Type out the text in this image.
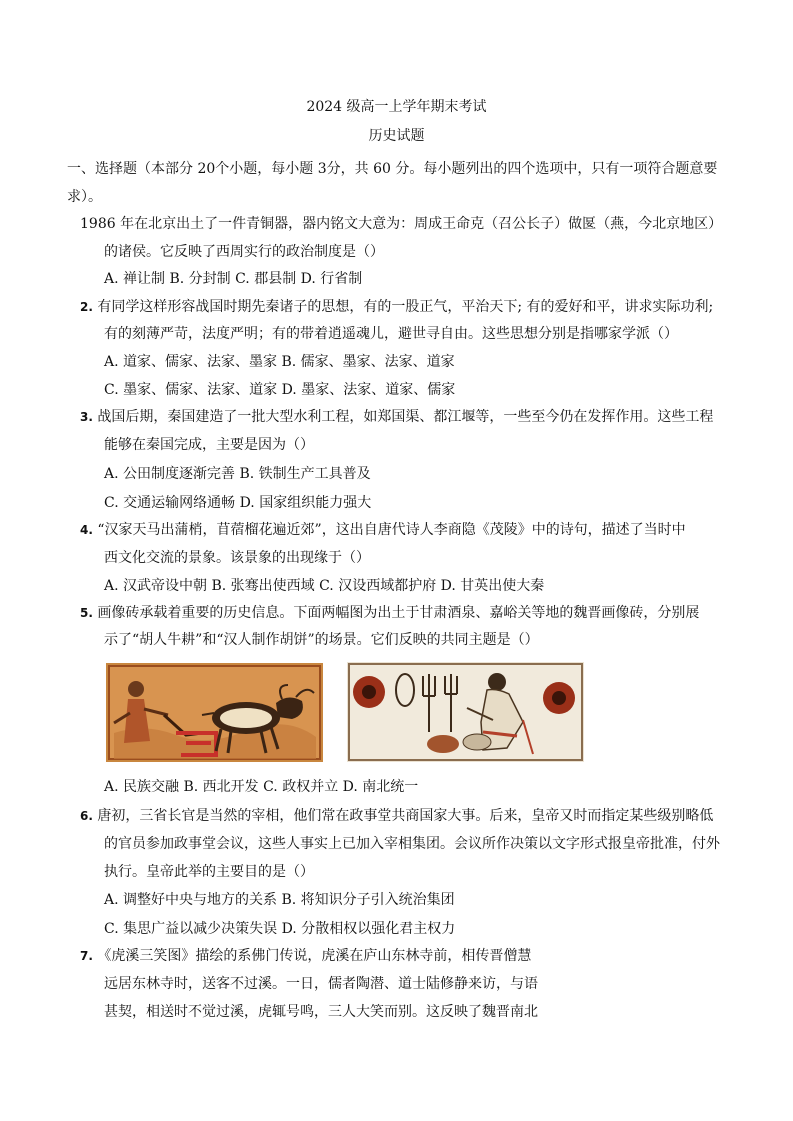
2024 级高一上学年期末考试
历史试题
一、选择题（本部分 20个小题，每小题 3分，共 60 分。每小题列出的四个选项中，只有一项符合题意要
求）。
1986 年在北京出土了一件青铜器，器内铭文大意为：周成王命克（召公长子）做匽（燕，今北京地区）
的诸侯。它反映了西周实行的政治制度是（）
A. 禅让制 B. 分封制 C. 郡县制 D. 行省制
2. 有同学这样形容战国时期先秦诸子的思想，有的一股正气，平治天下; 有的爱好和平，讲求实际功利;
有的刻薄严苛，法度严明；有的带着逍遥魂儿，避世寻自由。这些思想分别是指哪家学派（）
A. 道家、儒家、法家、墨家 B. 儒家、墨家、法家、道家
C. 墨家、儒家、法家、道家 D. 墨家、法家、道家、儒家
3. 战国后期，秦国建造了一批大型水利工程，如郑国渠、都江堰等，一些至今仍在发挥作用。这些工程
能够在秦国完成，主要是因为（）
A. 公田制度逐渐完善 B. 铁制生产工具普及
C. 交通运输网络通畅 D. 国家组织能力强大
4. “汉家天马出蒲梢，苜蓿榴花遍近郊”，这出自唐代诗人李商隐《茂陵》中的诗句，描述了当时中
西文化交流的景象。该景象的出现缘于（）
A. 汉武帝设中朝 B. 张骞出使西域 C. 汉设西域都护府 D. 甘英出使大秦
5. 画像砖承载着重要的历史信息。下面两幅图为出土于甘肃酒泉、嘉峪关等地的魏晋画像砖，分别展
示了“胡人牛耕”和“汉人制作胡饼”的场景。它们反映的共同主题是（）
A. 民族交融 B. 西北开发 C. 政权并立 D. 南北统一
6. 唐初，三省长官是当然的宰相，他们常在政事堂共商国家大事。后来，皇帝又时而指定某些级别略低
的官员参加政事堂会议，这些人事实上已加入宰相集团。会议所作决策以文字形式报皇帝批准，付外
执行。皇帝此举的主要目的是（）
A. 调整好中央与地方的关系 B. 将知识分子引入统治集团
C. 集思广益以减少决策失误 D. 分散相权以强化君主权力
7. 《虎溪三笑图》描绘的系佛门传说，虎溪在庐山东林寺前，相传晋僧慧
远居东林寺时，送客不过溪。一日，儒者陶潜、道士陆修静来访，与语
甚契，相送时不觉过溪，虎辄号鸣，三人大笑而别。这反映了魏晋南北
